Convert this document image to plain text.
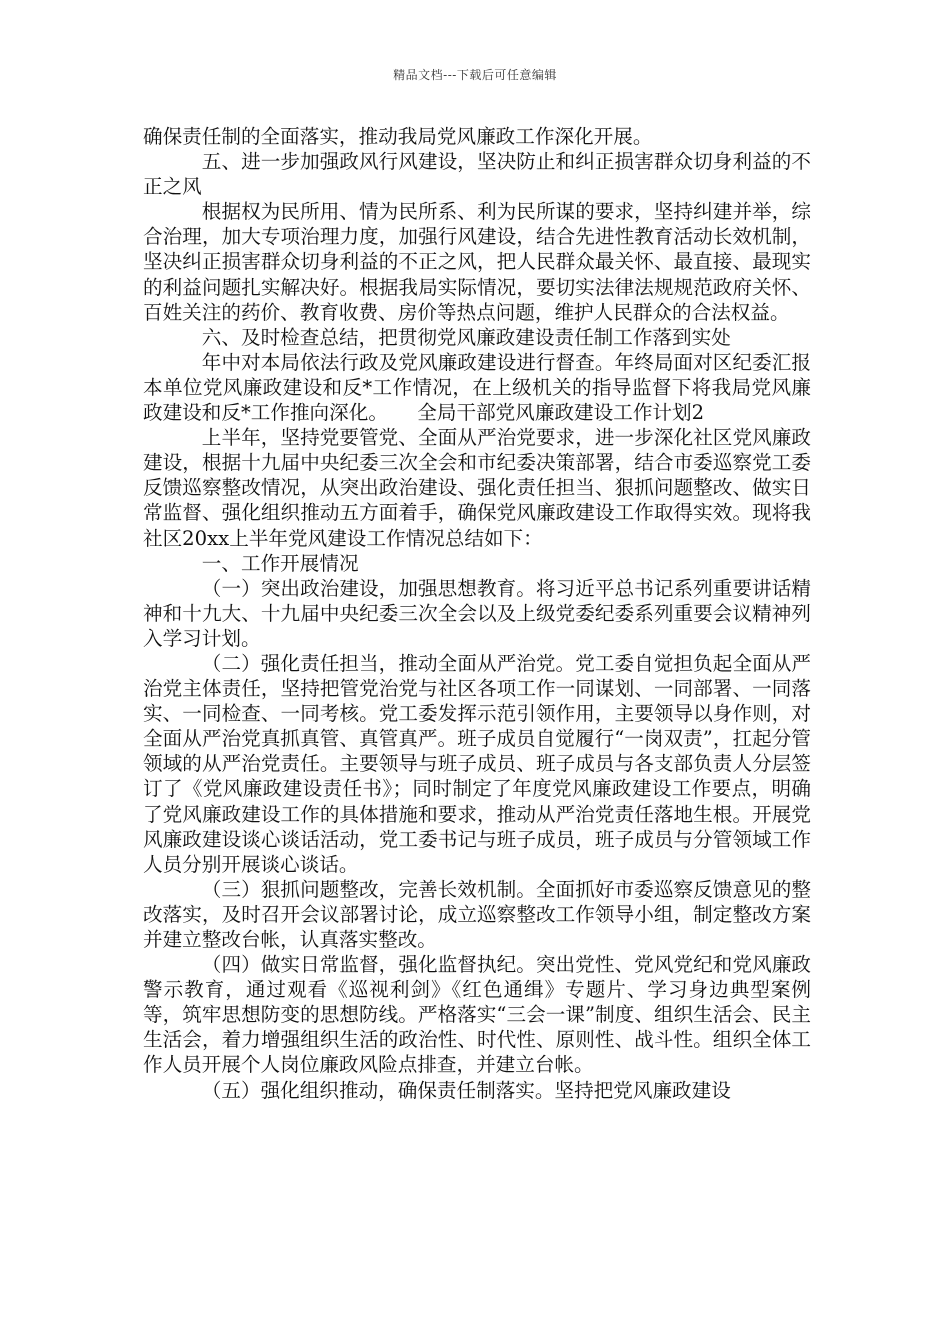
精品文档---下载后可任意编辑

确保责任制的全面落实，推动我局党风廉政工作深化开展。

五、进一步加强政风行风建设，坚决防止和纠正损害群众切身利益的不正之风

根据权为民所用、情为民所系、利为民所谋的要求，坚持纠建并举，综合治理，加大专项治理力度，加强行风建设，结合先进性教育活动长效机制，坚决纠正损害群众切身利益的不正之风，把人民群众最关怀、最直接、最现实的利益问题扎实解决好。根据我局实际情况，要切实法律法规规范政府关怀、百姓关注的药价、教育收费、房价等热点问题，维护人民群众的合法权益。

六、及时检查总结，把贯彻党风廉政建设责任制工作落到实处

年中对本局依法行政及党风廉政建设进行督查。年终局面对区纪委汇报本单位党风廉政建设和反*工作情况，在上级机关的指导监督下将我局党风廉政建设和反*工作推向深化。　　全局干部党风廉政建设工作计划2

上半年，坚持党要管党、全面从严治党要求，进一步深化社区党风廉政建设，根据十九届中央纪委三次全会和市纪委决策部署，结合市委巡察党工委反馈巡察整改情况，从突出政治建设、强化责任担当、狠抓问题整改、做实日常监督、强化组织推动五方面着手，确保党风廉政建设工作取得实效。现将我社区20xx上半年党风建设工作情况总结如下：

一、工作开展情况

（一）突出政治建设，加强思想教育。将习近平总书记系列重要讲话精神和十九大、十九届中央纪委三次全会以及上级党委纪委系列重要会议精神列入学习计划。

（二）强化责任担当，推动全面从严治党。党工委自觉担负起全面从严治党主体责任，坚持把管党治党与社区各项工作一同谋划、一同部署、一同落实、一同检查、一同考核。党工委发挥示范引领作用，主要领导以身作则，对全面从严治党真抓真管、真管真严。班子成员自觉履行“一岗双责”，扛起分管领域的从严治党责任。主要领导与班子成员、班子成员与各支部负责人分层签订了《党风廉政建设责任书》；同时制定了年度党风廉政建设工作要点，明确了党风廉政建设工作的具体措施和要求，推动从严治党责任落地生根。开展党风廉政建设谈心谈话活动，党工委书记与班子成员，班子成员与分管领域工作人员分别开展谈心谈话。

（三）狠抓问题整改，完善长效机制。全面抓好市委巡察反馈意见的整改落实，及时召开会议部署讨论，成立巡察整改工作领导小组，制定整改方案并建立整改台帐，认真落实整改。

（四）做实日常监督，强化监督执纪。突出党性、党风党纪和党风廉政警示教育，通过观看《巡视利剑》《红色通缉》专题片、学习身边典型案例等，筑牢思想防变的思想防线。严格落实“三会一课”制度、组织生活会、民主生活会，着力增强组织生活的政治性、时代性、原则性、战斗性。组织全体工作人员开展个人岗位廉政风险点排查，并建立台帐。

（五）强化组织推动，确保责任制落实。坚持把党风廉政建设
